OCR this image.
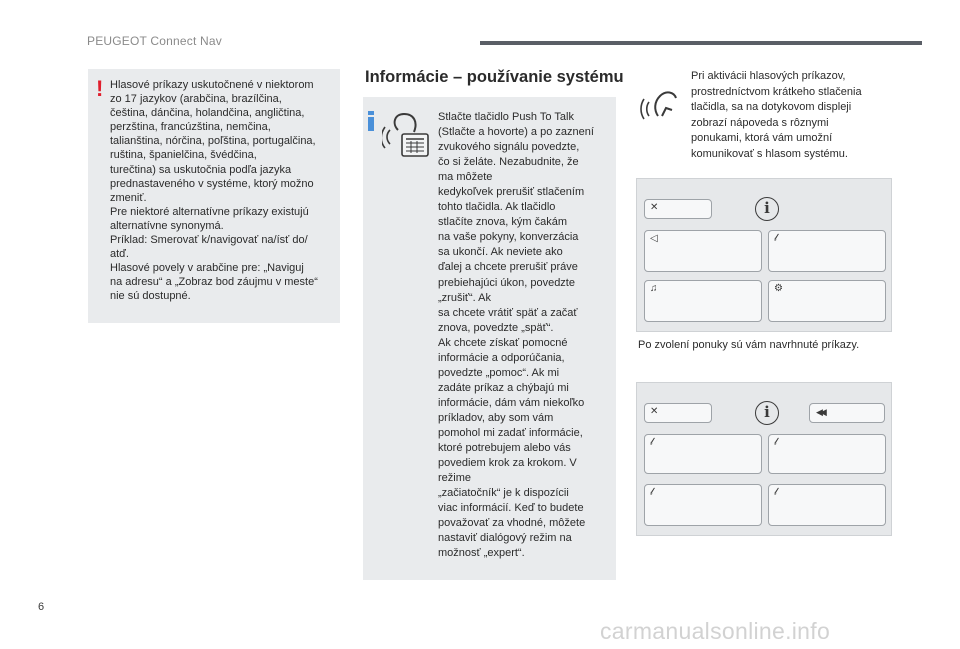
PEUGEOT Connect Nav
! Hlasové príkazy uskutočnené v niektorom
zo 17 jazykov (arabčina, brazílčina,
čeština, dánčina, holandčina, angličtina,
perzština, francúzština, nemčina,
talianština, nórčina, poľština, portugalčina,
ruština, španielčina, švédčina,
turečtina) sa uskutočnia podľa jazyka
prednastaveného v systéme, ktorý možno
zmeniť.
Pre niektoré alternatívne príkazy existujú
alternatívne synonymá.
Príklad: Smerovať k/navigovať na/ísť do/
atď.
Hlasové povely v arabčine pre: „Naviguj
na adresu“ a „Zobraz bod záujmu v meste“
nie sú dostupné.
Informácie – používanie systému
Stlačte tlačidlo Push To Talk
(Stlačte a hovorte) a po zaznení
zvukového signálu povedzte,
čo si želáte. Nezabudnite, že
ma môžete
kedykoľvek prerušiť stlačením
tohto tlačidla. Ak tlačidlo
stlačíte znova, kým čakám
na vaše pokyny, konverzácia
sa ukončí. Ak neviete ako
ďalej a chcete prerušiť práve
prebiehajúci úkon, povedzte
„zrušiť“. Ak
sa chcete vrátiť späť a začať
znova, povedzte „späť“.
Ak chcete získať pomocné
informácie a odporúčania,
povedzte „pomoc“. Ak mi
zadáte príkaz a chýbajú mi
informácie, dám vám niekoľko
príkladov, aby som vám
pomohol mi zadať informácie,
ktoré potrebujem alebo vás
povediem krok za krokom. V
režime
„začiatočník“ je k dispozícii
viac informácií. Keď to budete
považovať za vhodné, môžete
nastaviť dialógový režim na
možnosť „expert“.
Pri aktivácii hlasových príkazov,
prostredníctvom krátkeho stlačenia
tlačidla, sa na dotykovom displeji
zobrazí nápoveda s rôznymi
ponukami, ktorá vám umožní
komunikovať s hlasom systému.
✕	i
◁	𝓁
♫	⚙
Po zvolení ponuky sú vám navrhnuté príkazy.
✕	i	◀◀
𝓁	𝓁
𝓁	𝓁
6
carmanualsonline.info
